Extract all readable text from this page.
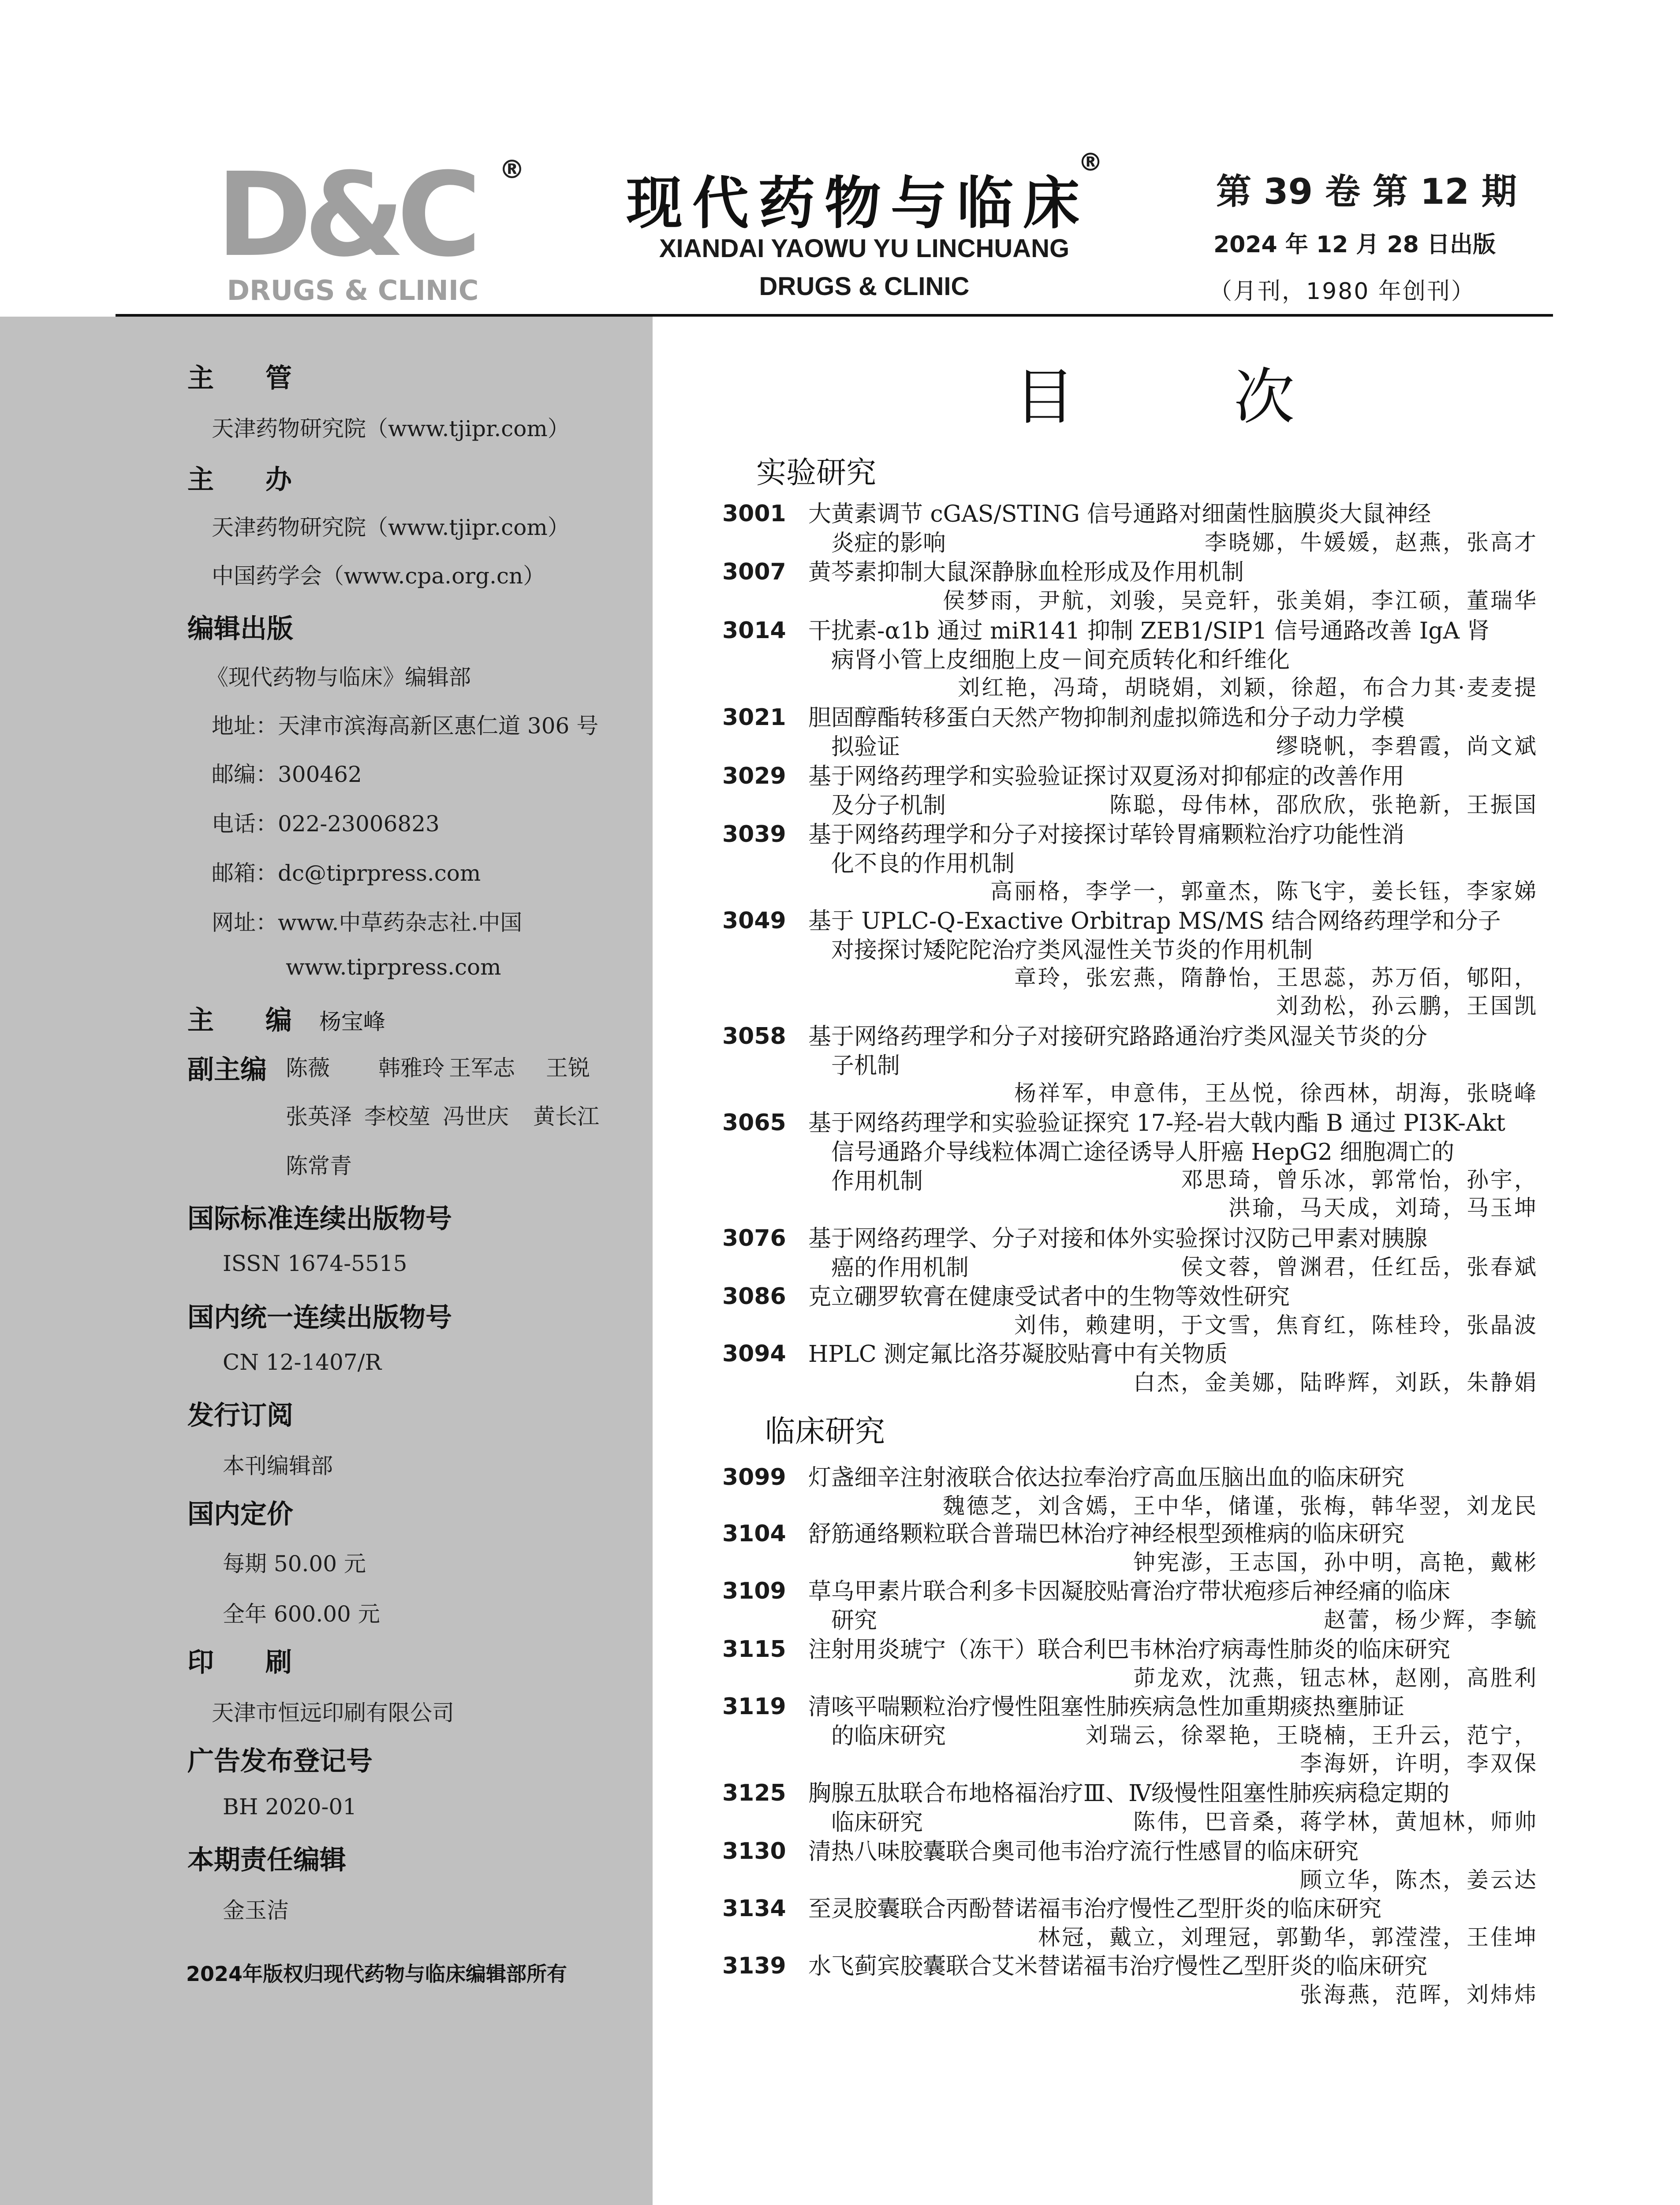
D&C
DRUGS & CLINIC
®
现代药物与临床
®
XIANDAI YAOWU YU LINCHUANG
DRUGS & CLINIC
第 39 卷 第 12 期
2024 年 12 月 28 日出版
（月刊，1980 年创刊）
主 管
天津药物研究院（www.tjipr.com）
主 办
天津药物研究院（www.tjipr.com）
中国药学会（www.cpa.org.cn）
编辑出版
《现代药物与临床》编辑部
地址：天津市滨海高新区惠仁道 306 号
邮编：300462
电话：022-23006823
邮箱：dc@tiprpress.com
网址：www.中草药杂志社.中国
www.tiprpress.com
主 编 杨宝峰
副主编 陈薇 韩雅玲 王军志 王锐
张英泽 李校堃 冯世庆 黄长江
陈常青
国际标准连续出版物号
ISSN 1674-5515
国内统一连续出版物号
CN 12-1407/R
发行订阅
本刊编辑部
国内定价
每期 50.00 元
全年 600.00 元
印 刷
天津市恒远印刷有限公司
广告发布登记号
BH 2020-01
本期责任编辑
金玉洁
2024年版权归现代药物与临床编辑部所有
目次
实验研究
3001 大黄素调节 cGAS/STING 信号通路对细菌性脑膜炎大鼠神经
炎症的影响	李晓娜，牛媛媛，赵燕，张高才
3007 黄芩素抑制大鼠深静脉血栓形成及作用机制
侯梦雨，尹航，刘骏，吴竞轩，张美娟，李江硕，董瑞华
3014 干扰素-α1b 通过 miR141 抑制 ZEB1/SIP1 信号通路改善 IgA 肾
病肾小管上皮细胞上皮－间充质转化和纤维化
刘红艳，冯琦，胡晓娟，刘颖，徐超，布合力其·麦麦提
3021 胆固醇酯转移蛋白天然产物抑制剂虚拟筛选和分子动力学模
拟验证	缪晓帆，李碧霞，尚文斌
3029 基于网络药理学和实验验证探讨双夏汤对抑郁症的改善作用
及分子机制	陈聪，母伟林，邵欣欣，张艳新，王振国
3039 基于网络药理学和分子对接探讨荜铃胃痛颗粒治疗功能性消
化不良的作用机制
高丽格，李学一，郭童杰，陈飞宇，姜长钰，李家娣
3049 基于 UPLC-Q-Exactive Orbitrap MS/MS 结合网络药理学和分子
对接探讨矮陀陀治疗类风湿性关节炎的作用机制
章玲，张宏燕，隋静怡，王思蕊，苏万佰，郇阳，
刘劲松，孙云鹏，王国凯
3058 基于网络药理学和分子对接研究路路通治疗类风湿关节炎的分
子机制
杨祥军，申意伟，王丛悦，徐西林，胡海，张晓峰
3065 基于网络药理学和实验验证探究 17-羟-岩大戟内酯 B 通过 PI3K-Akt
信号通路介导线粒体凋亡途径诱导人肝癌 HepG2 细胞凋亡的
作用机制	邓思琦，曾乐冰，郭常怡，孙宇，
洪瑜，马天成，刘琦，马玉坤
3076 基于网络药理学、分子对接和体外实验探讨汉防己甲素对胰腺
癌的作用机制	侯文蓉，曾渊君，任红岳，张春斌
3086 克立硼罗软膏在健康受试者中的生物等效性研究
刘伟，赖建明，于文雪，焦育红，陈桂玲，张晶波
3094 HPLC 测定氟比洛芬凝胶贴膏中有关物质
白杰，金美娜，陆晔辉，刘跃，朱静娟
临床研究
3099 灯盏细辛注射液联合依达拉奉治疗高血压脑出血的临床研究
魏德芝，刘含嫣，王中华，储谨，张梅，韩华翌，刘龙民
3104 舒筋通络颗粒联合普瑞巴林治疗神经根型颈椎病的临床研究
钟宪澎，王志国，孙中明，高艳，戴彬
3109 草乌甲素片联合利多卡因凝胶贴膏治疗带状疱疹后神经痛的临床
研究	赵蕾，杨少辉，李毓
3115 注射用炎琥宁（冻干）联合利巴韦林治疗病毒性肺炎的临床研究
茆龙欢，沈燕，钮志林，赵刚，高胜利
3119 清咳平喘颗粒治疗慢性阻塞性肺疾病急性加重期痰热壅肺证
的临床研究	刘瑞云，徐翠艳，王晓楠，王升云，范宁，
李海妍，许明，李双保
3125 胸腺五肽联合布地格福治疗Ⅲ、Ⅳ级慢性阻塞性肺疾病稳定期的
临床研究	陈伟，巴音桑，蒋学林，黄旭林，师帅
3130 清热八味胶囊联合奥司他韦治疗流行性感冒的临床研究
顾立华，陈杰，姜云达
3134 至灵胶囊联合丙酚替诺福韦治疗慢性乙型肝炎的临床研究
林冠，戴立，刘理冠，郭勤华，郭滢滢，王佳坤
3139 水飞蓟宾胶囊联合艾米替诺福韦治疗慢性乙型肝炎的临床研究
张海燕，范晖，刘炜炜
